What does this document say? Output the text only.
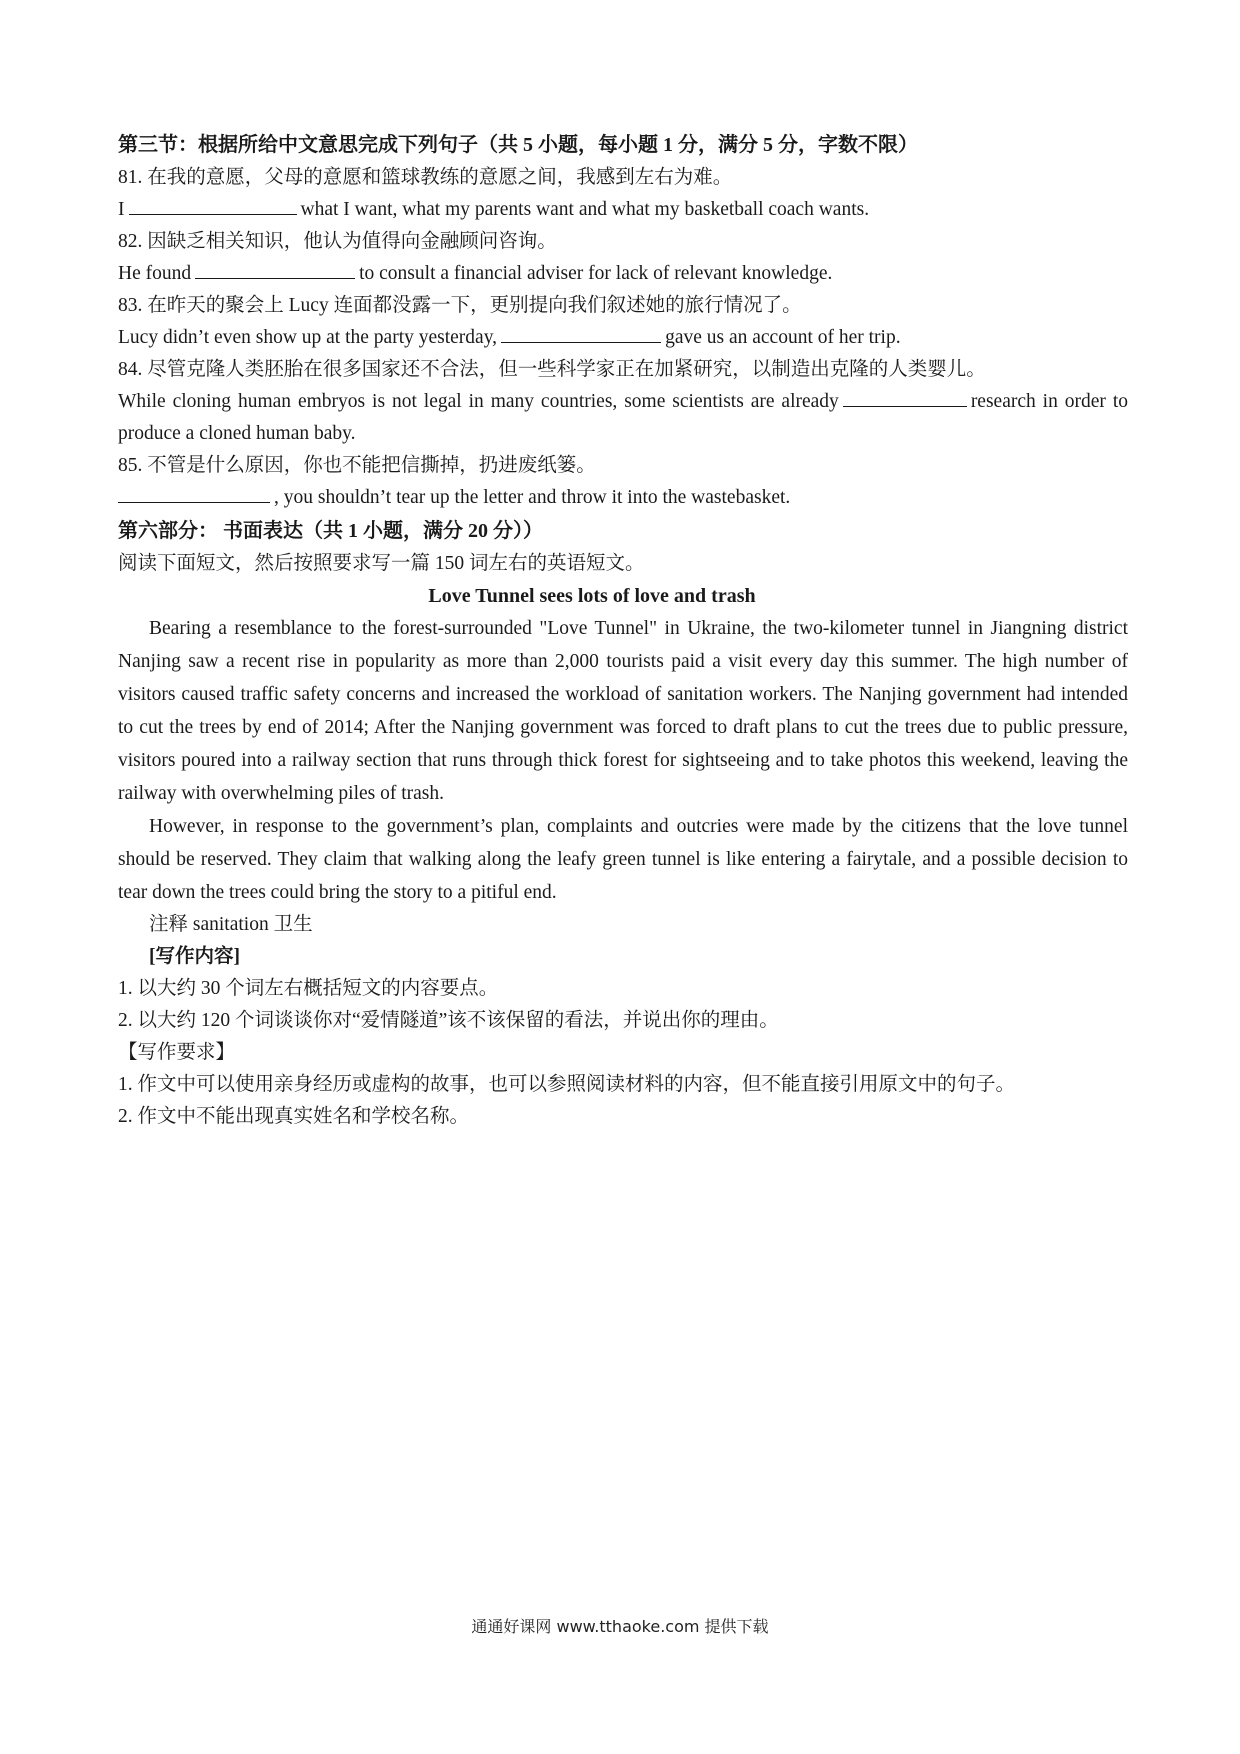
第三节：根据所给中文意思完成下列句子（共 5 小题，每小题 1 分，满分 5 分，字数不限）
81. 在我的意愿，父母的意愿和篮球教练的意愿之间，我感到左右为难。
I	what I want, what my parents want and what my basketball coach wants.
82. 因缺乏相关知识，他认为值得向金融顾问咨询。
He found	to consult a financial adviser for lack of relevant knowledge.
83. 在昨天的聚会上 Lucy 连面都没露一下，更别提向我们叙述她的旅行情况了。
Lucy didn’t even show up at the party yesterday,	gave us an account of her trip.
84. 尽管克隆人类胚胎在很多国家还不合法，但一些科学家正在加紧研究，以制造出克隆的人类婴儿。
While cloning human embryos is not legal in many countries, some scientists are already	research in order to produce a cloned human baby.
85. 不管是什么原因，你也不能把信撕掉，扔进废纸篓。
, you shouldn’t tear up the letter and throw it into the wastebasket.
第六部分： 书面表达（共 1 小题，满分 20 分））
阅读下面短文，然后按照要求写一篇 150 词左右的英语短文。
Love Tunnel sees lots of love and trash
Bearing a resemblance to the forest-surrounded "Love Tunnel" in Ukraine, the two-kilometer tunnel in Jiangning district Nanjing saw a recent rise in popularity as more than 2,000 tourists paid a visit every day this summer. The high number of visitors caused traffic safety concerns and increased the workload of sanitation workers. The Nanjing government had intended to cut the trees by end of 2014; After the Nanjing government was forced to draft plans to cut the trees due to public pressure, visitors poured into a railway section that runs through thick forest for sightseeing and to take photos this weekend, leaving the railway with overwhelming piles of trash.
However, in response to the government’s plan, complaints and outcries were made by the citizens that the love tunnel should be reserved. They claim that walking along the leafy green tunnel is like entering a fairytale, and a possible decision to tear down the trees could bring the story to a pitiful end.
注释 sanitation 卫生
[写作内容]
1. 以大约 30 个词左右概括短文的内容要点。
2. 以大约 120 个词谈谈你对“爱情隧道”该不该保留的看法，并说出你的理由。
【写作要求】
1. 作文中可以使用亲身经历或虚构的故事，也可以参照阅读材料的内容，但不能直接引用原文中的句子。
2. 作文中不能出现真实姓名和学校名称。
通通好课网 www.tthaoke.com 提供下载
